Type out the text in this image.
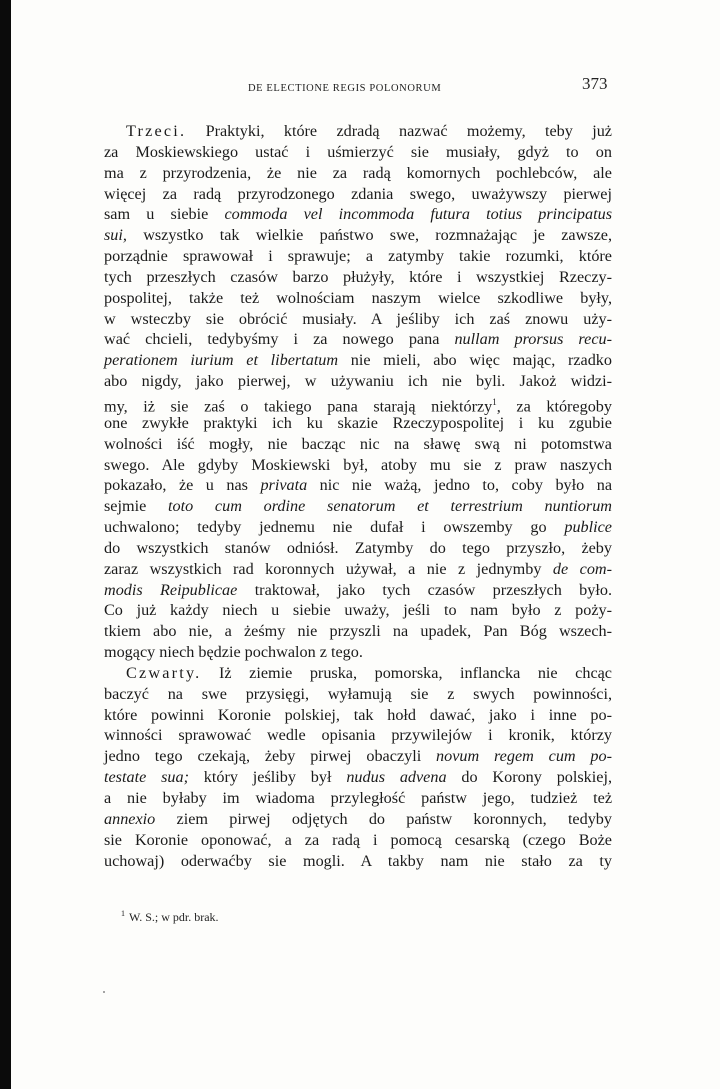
DE ELECTIONE REGIS POLONORUM	373
Trzeci. Praktyki, które zdradą nazwać możemy, teby już
za Moskiewskiego ustać i uśmierzyć sie musiały, gdyż to on
ma z przyrodzenia, że nie za radą komornych pochlebców, ale
więcej za radą przyrodzonego zdania swego, uważywszy pierwej
sam u siebie commoda vel incommoda futura totius principatus
sui, wszystko tak wielkie państwo swe, rozmnażając je zawsze,
porządnie sprawował i sprawuje; a zatymby takie rozumki, które
tych przeszłych czasów barzo płużyły, które i wszystkiej Rzeczy-
pospolitej, także też wolnościam naszym wielce szkodliwe były,
w wsteczby sie obrócić musiały. A jeśliby ich zaś znowu uży-
wać chcieli, tedybyśmy i za nowego pana nullam prorsus recu-
perationem iurium et libertatum nie mieli, abo więc mając, rzadko
abo nigdy, jako pierwej, w używaniu ich nie byli. Jakoż widzi-
my, iż sie zaś o takiego pana starają niektórzy$^1$, za któregoby
one zwykłe praktyki ich ku skazie Rzeczypospolitej i ku zgubie
wolności iść mogły, nie bacząc nic na sławę swą ni potomstwa
swego. Ale gdyby Moskiewski był, atoby mu sie z praw naszych
pokazało, że u nas privata nic nie ważą, jedno to, coby było na
sejmie toto cum ordine senatorum et terrestrium nuntiorum
uchwalono; tedyby jednemu nie dufał i owszemby go publice
do wszystkich stanów odniósł. Zatymby do tego przyszło, żeby
zaraz wszystkich rad koronnych używał, a nie z jednymby de com-
modis Reipublicae traktował, jako tych czasów przeszłych było.
Co już każdy niech u siebie uważy, jeśli to nam było z poży-
tkiem abo nie, a żeśmy nie przyszli na upadek, Pan Bóg wszech-
mogący niech będzie pochwalon z tego.
Czwarty. Iż ziemie pruska, pomorska, inflancka nie chcąc
baczyć na swe przysięgi, wyłamują sie z swych powinności,
które powinni Koronie polskiej, tak hołd dawać, jako i inne po-
winności sprawować wedle opisania przywilejów i kronik, którzy
jedno tego czekają, żeby pirwej obaczyli novum regem cum po-
testate sua; który jeśliby był nudus advena do Korony polskiej,
a nie byłaby im wiadoma przyległość państw jego, tudzież też
annexio ziem pirwej odjętych do państw koronnych, tedyby
sie Koronie oponować, a za radą i pomocą cesarską (czego Boże
uchowaj) oderwaćby sie mogli. A takby nam nie stało za ty
$^1$ W. S.; w pdr. brak.
